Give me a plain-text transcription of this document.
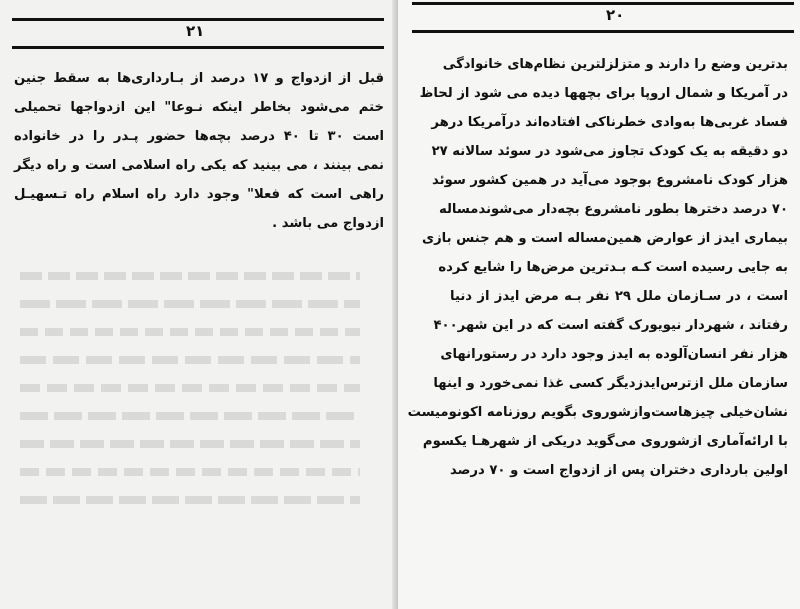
۲۱
قبل از ازدواج و ۱۷ درصد از بـارداری‌ها به سقط جنین
ختم می‌شود بخاطر اینکه نـوعا" این ازدواجها تحمیلی
است ۳۰ تا ۴۰ درصد بچه‌ها حضور پـدر را در خانواده
نمی بینند ، می بینید که یکی راه اسلامی است و راه دیگر
راهی است که فعلا" وجود دارد راه اسلام راه تـسهیـل
ازدواج می باشد .
۲۰
بدترین وضع را دارند و متزلزلترین نظام‌های خانوادگی
در آمریکا و شمال اروپا برای بچهها دیده می شود از لحاظ
فساد غربی‌ها به‌وادی خطرناکی افتاده‌اند درآمریکا درهر
دو دقیقه به یک کودک تجاوز می‌شود در سوئد سالانه ۲۷
هزار کودک نامشروع بوجود می‌آید در همین کشور سوئد
۷۰ درصد دخترها بطور نامشروع بچه‌دار می‌شوندمساله
بیماری ایدز از عوارض همین‌مساله است و هم جنس بازی
به جایی رسیده است کـه بـدترین مرض‌ها را شایع کرده
است ، در سـازمان ملل ۲۹ نفر بـه مرض ایدز از دنیا
رفتاند ، شهردار نیویورک گفته است که در این شهر۴۰۰
هزار نفر انسان‌آلوده به ایدز وجود دارد در رستورانهای
سازمان ملل ازترس‌ایدزدیگر کسی غذا نمی‌خورد و اینها
نشان‌خیلی چیزهاست‌وازشوروی بگویم روزنامه اکونومیست
با ارائه‌آماری ازشوروی می‌گوید دریکی از شهرهـا یکسوم
اولین بارداری دختران پس از ازدواج است و ۷۰ درصد
